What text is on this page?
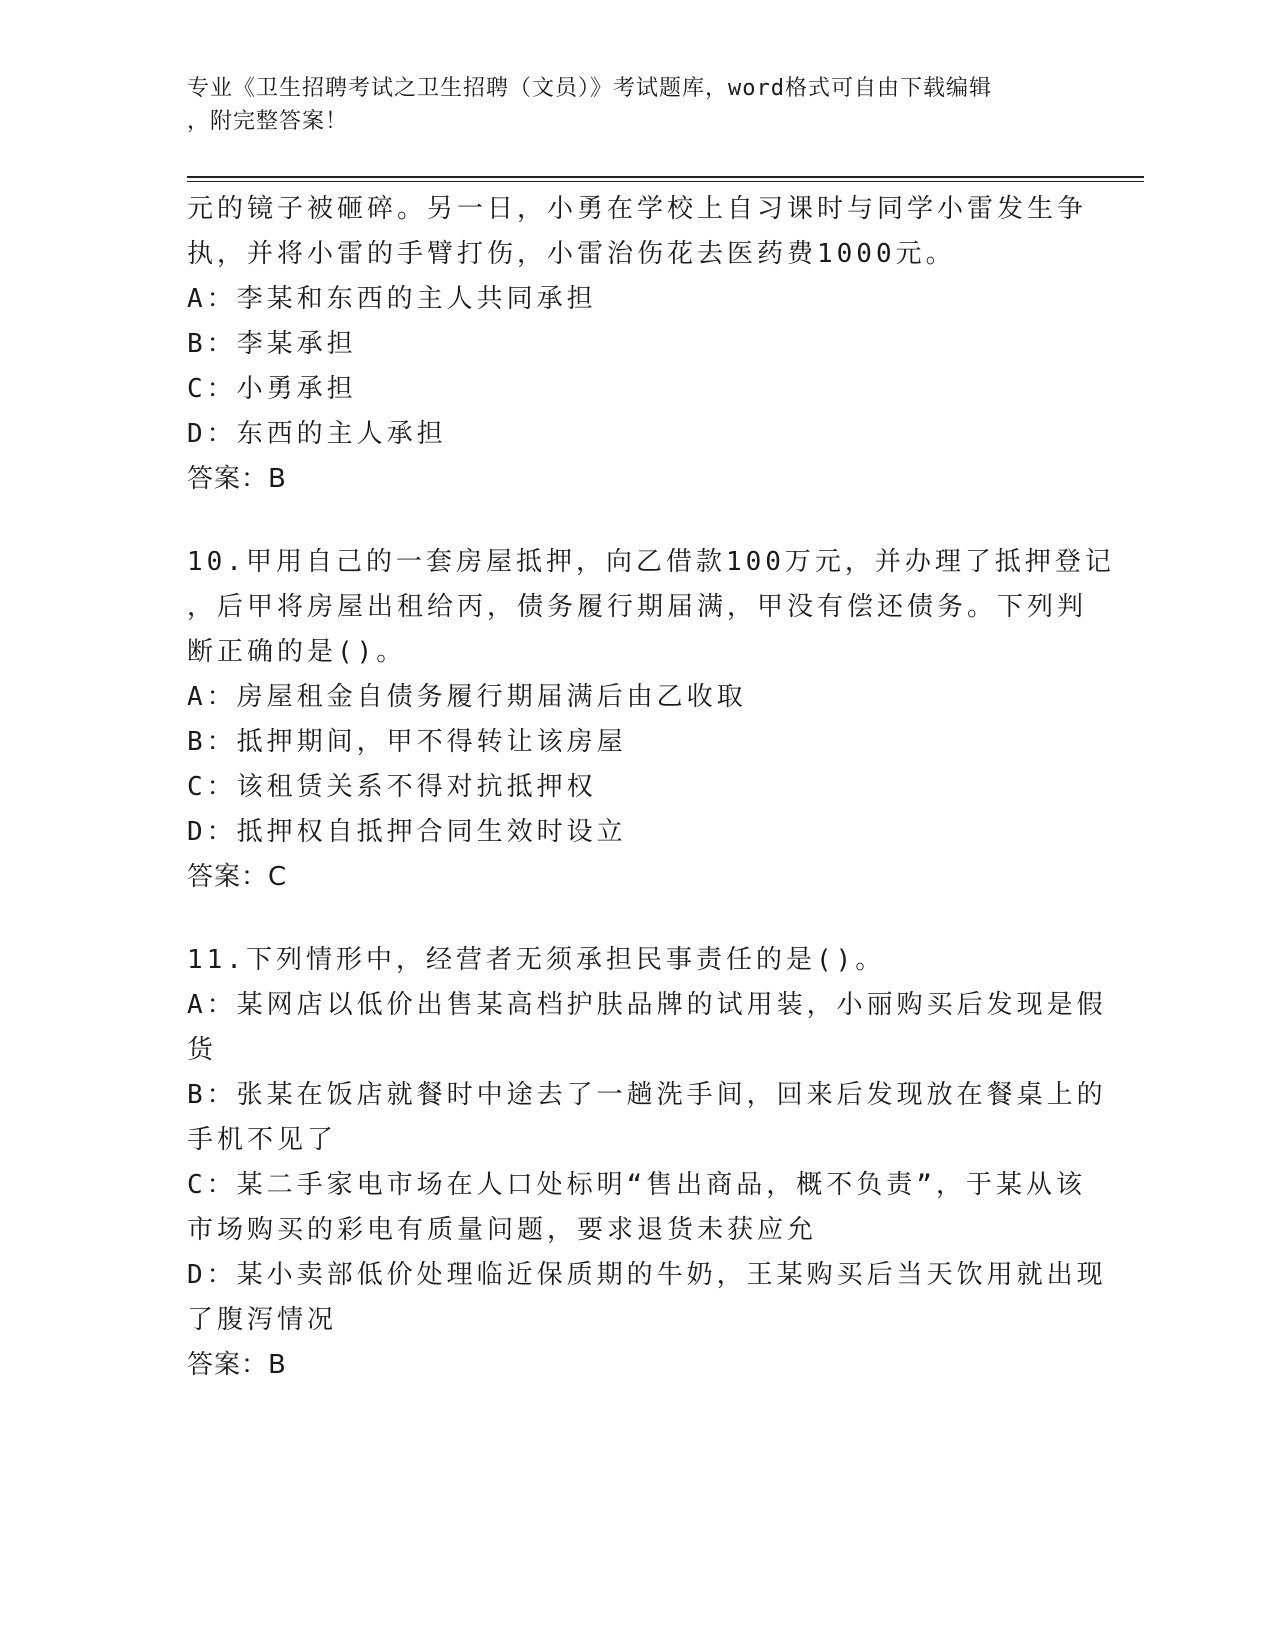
专业《卫生招聘考试之卫生招聘（文员）》考试题库，word格式可自由下载编辑
，附完整答案！
元的镜子被砸碎。另一日，小勇在学校上自习课时与同学小雷发生争
执，并将小雷的手臂打伤，小雷治伤花去医药费1000元。
A：李某和东西的主人共同承担
B：李某承担
C：小勇承担
D：东西的主人承担
答案：B
10.甲用自己的一套房屋抵押，向乙借款100万元，并办理了抵押登记
，后甲将房屋出租给丙，债务履行期届满，甲没有偿还债务。下列判
断正确的是()。
A：房屋租金自债务履行期届满后由乙收取
B：抵押期间，甲不得转让该房屋
C：该租赁关系不得对抗抵押权
D：抵押权自抵押合同生效时设立
答案：C
11.下列情形中，经营者无须承担民事责任的是()。
A：某网店以低价出售某高档护肤品牌的试用装，小丽购买后发现是假
货
B：张某在饭店就餐时中途去了一趟洗手间，回来后发现放在餐桌上的
手机不见了
C：某二手家电市场在人口处标明“售出商品，概不负责”，于某从该
市场购买的彩电有质量问题，要求退货未获应允
D：某小卖部低价处理临近保质期的牛奶，王某购买后当天饮用就出现
了腹泻情况
答案：B
